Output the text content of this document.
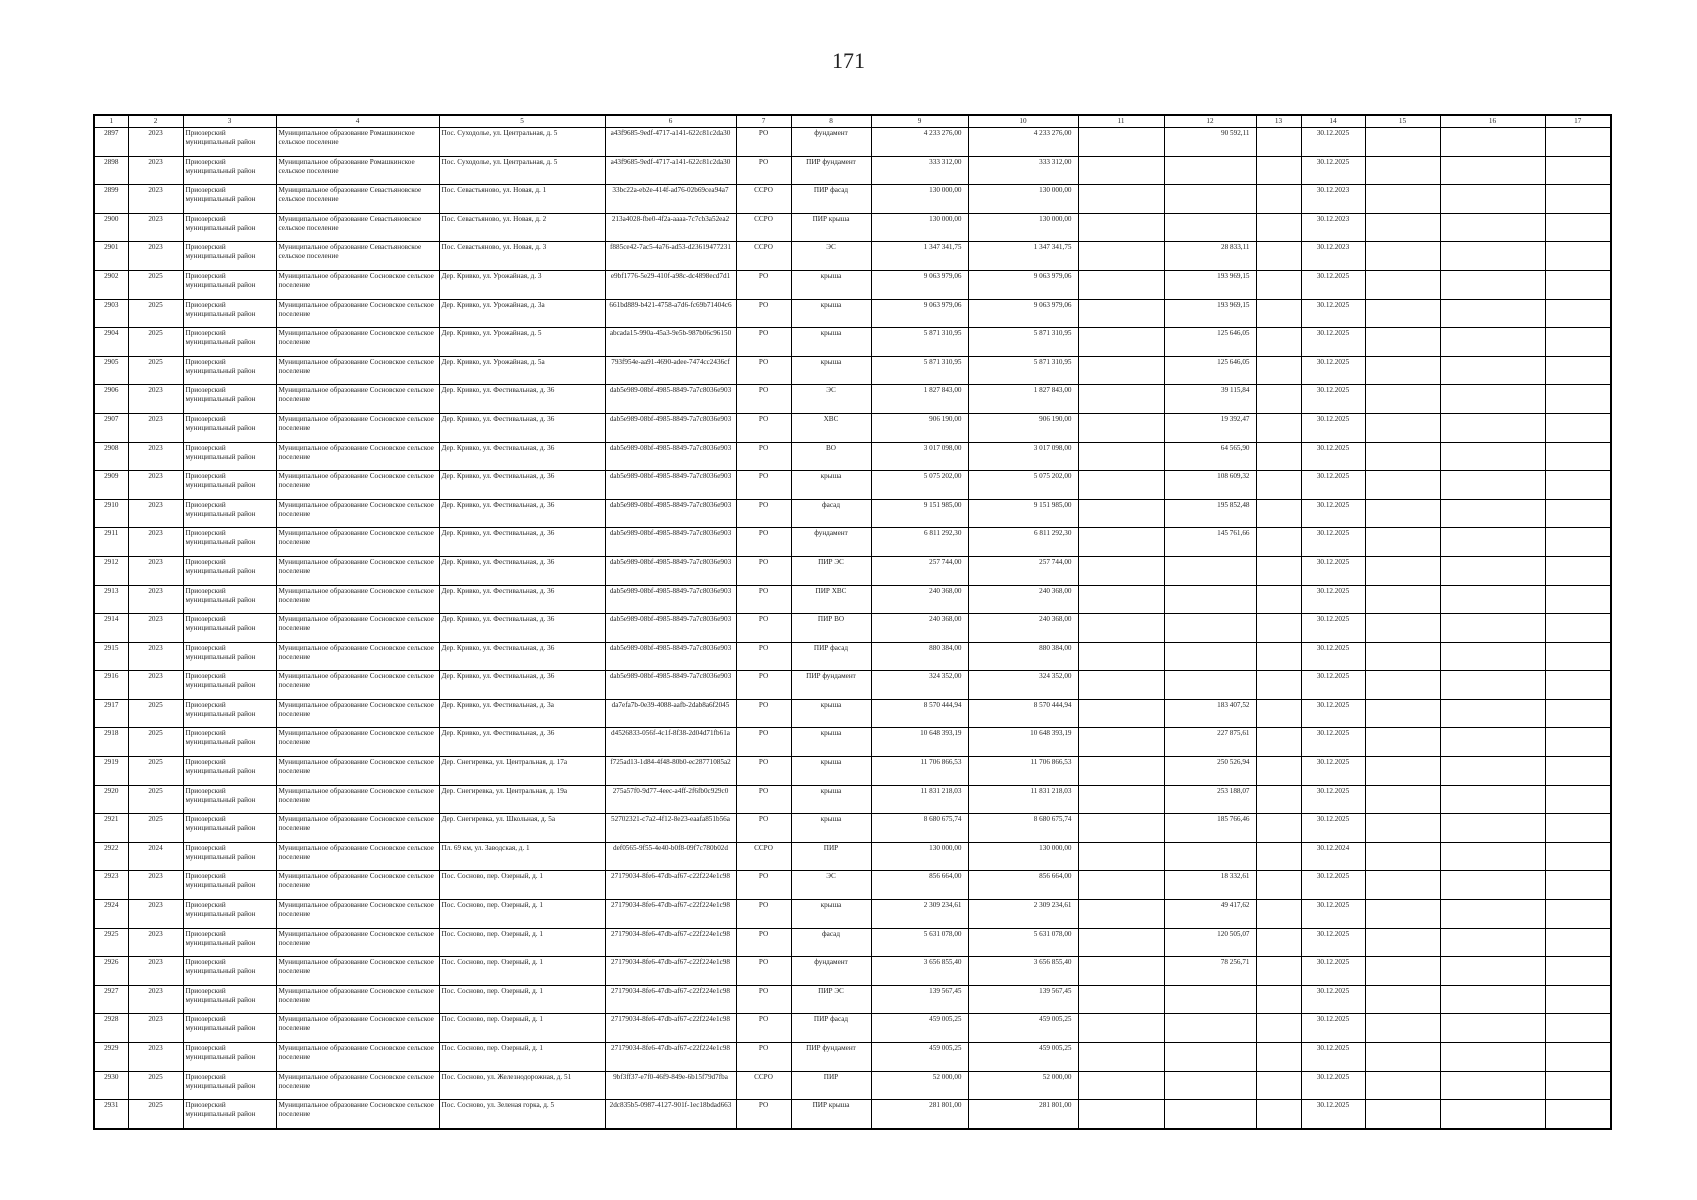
171
1	2	3	4	5	6	7	8	9	10	11	12	13	14	15	16	17
2897	2023	Приозерский муниципальный район	Муниципальное образование Ромашкинское сельское поселение	Пос. Суходолье, ул. Центральная, д. 5	a43f9685-9edf-4717-a141-622c81c2da30	РО	фундамент	4 233 276,00	4 233 276,00		90 592,11		30.12.2025			
2898	2023	Приозерский муниципальный район	Муниципальное образование Ромашкинское сельское поселение	Пос. Суходолье, ул. Центральная, д. 5	a43f9685-9edf-4717-a141-622c81c2da30	РО	ПИР фундамент	333 312,00	333 312,00				30.12.2025			
2899	2023	Приозерский муниципальный район	Муниципальное образование Севастьяновское сельское поселение	Пос. Севастьяново, ул. Новая, д. 1	33bc22a-eb2e-414f-ad76-02b69cea94a7	ССРО	ПИР фасад	130 000,00	130 000,00				30.12.2023			
2900	2023	Приозерский муниципальный район	Муниципальное образование Севастьяновское сельское поселение	Пос. Севастьяново, ул. Новая, д. 2	213a4028-fbe0-4f2a-aaaa-7c7cb3a52ea2	ССРО	ПИР крыша	130 000,00	130 000,00				30.12.2023			
2901	2023	Приозерский муниципальный район	Муниципальное образование Севастьяновское сельское поселение	Пос. Севастьяново, ул. Новая, д. 3	f885ce42-7ac5-4a76-ad53-d23619477231	ССРО	ЭС	1 347 341,75	1 347 341,75		28 833,11		30.12.2023			
2902	2025	Приозерский муниципальный район	Муниципальное образование Сосновское сельское поселение	Дер. Кривко, ул. Урожайная, д. 3	e9bf1776-5e29-410f-a98c-dc4898ecd7d1	РО	крыша	9 063 979,06	9 063 979,06		193 969,15		30.12.2025			
2903	2025	Приозерский муниципальный район	Муниципальное образование Сосновское сельское поселение	Дер. Кривко, ул. Урожайная, д. 3а	661bd889-b421-4758-a7d6-fc69b71404c6	РО	крыша	9 063 979,06	9 063 979,06		193 969,15		30.12.2025			
2904	2025	Приозерский муниципальный район	Муниципальное образование Сосновское сельское поселение	Дер. Кривко, ул. Урожайная, д. 5	abcada15-990a-45a3-9e5b-987b06c96150	РО	крыша	5 871 310,95	5 871 310,95		125 646,05		30.12.2025			
2905	2025	Приозерский муниципальный район	Муниципальное образование Сосновское сельское поселение	Дер. Кривко, ул. Урожайная, д. 5а	793f954e-aa91-4690-adee-7474cc2436cf	РО	крыша	5 871 310,95	5 871 310,95		125 646,05		30.12.2025			
2906	2023	Приозерский муниципальный район	Муниципальное образование Сосновское сельское поселение	Дер. Кривко, ул. Фестивальная, д. 36	dab5e989-08bf-4985-8849-7a7c8036e903	РО	ЭС	1 827 843,00	1 827 843,00		39 115,84		30.12.2025			
2907	2023	Приозерский муниципальный район	Муниципальное образование Сосновское сельское поселение	Дер. Кривко, ул. Фестивальная, д. 36	dab5e989-08bf-4985-8849-7a7c8036e903	РО	ХВС	906 190,00	906 190,00		19 392,47		30.12.2025			
2908	2023	Приозерский муниципальный район	Муниципальное образование Сосновское сельское поселение	Дер. Кривко, ул. Фестивальная, д. 36	dab5e989-08bf-4985-8849-7a7c8036e903	РО	ВО	3 017 098,00	3 017 098,00		64 565,90		30.12.2025			
2909	2023	Приозерский муниципальный район	Муниципальное образование Сосновское сельское поселение	Дер. Кривко, ул. Фестивальная, д. 36	dab5e989-08bf-4985-8849-7a7c8036e903	РО	крыша	5 075 202,00	5 075 202,00		108 609,32		30.12.2025			
2910	2023	Приозерский муниципальный район	Муниципальное образование Сосновское сельское поселение	Дер. Кривко, ул. Фестивальная, д. 36	dab5e989-08bf-4985-8849-7a7c8036e903	РО	фасад	9 151 985,00	9 151 985,00		195 852,48		30.12.2025			
2911	2023	Приозерский муниципальный район	Муниципальное образование Сосновское сельское поселение	Дер. Кривко, ул. Фестивальная, д. 36	dab5e989-08bf-4985-8849-7a7c8036e903	РО	фундамент	6 811 292,30	6 811 292,30		145 761,66		30.12.2025			
2912	2023	Приозерский муниципальный район	Муниципальное образование Сосновское сельское поселение	Дер. Кривко, ул. Фестивальная, д. 36	dab5e989-08bf-4985-8849-7a7c8036e903	РО	ПИР ЭС	257 744,00	257 744,00				30.12.2025			
2913	2023	Приозерский муниципальный район	Муниципальное образование Сосновское сельское поселение	Дер. Кривко, ул. Фестивальная, д. 36	dab5e989-08bf-4985-8849-7a7c8036e903	РО	ПИР ХВС	240 368,00	240 368,00				30.12.2025			
2914	2023	Приозерский муниципальный район	Муниципальное образование Сосновское сельское поселение	Дер. Кривко, ул. Фестивальная, д. 36	dab5e989-08bf-4985-8849-7a7c8036e903	РО	ПИР ВО	240 368,00	240 368,00				30.12.2025			
2915	2023	Приозерский муниципальный район	Муниципальное образование Сосновское сельское поселение	Дер. Кривко, ул. Фестивальная, д. 36	dab5e989-08bf-4985-8849-7a7c8036e903	РО	ПИР фасад	880 384,00	880 384,00				30.12.2025			
2916	2023	Приозерский муниципальный район	Муниципальное образование Сосновское сельское поселение	Дер. Кривко, ул. Фестивальная, д. 36	dab5e989-08bf-4985-8849-7a7c8036e903	РО	ПИР фундамент	324 352,00	324 352,00				30.12.2025			
2917	2025	Приозерский муниципальный район	Муниципальное образование Сосновское сельское поселение	Дер. Кривко, ул. Фестивальная, д. 3а	da7efa7b-0e39-4088-aafb-2dab8a6f2045	РО	крыша	8 570 444,94	8 570 444,94		183 407,52		30.12.2025			
2918	2025	Приозерский муниципальный район	Муниципальное образование Сосновское сельское поселение	Дер. Кривко, ул. Фестивальная, д. 36	d4526833-056f-4c1f-8f38-2d04d71fb61a	РО	крыша	10 648 393,19	10 648 393,19		227 875,61		30.12.2025			
2919	2025	Приозерский муниципальный район	Муниципальное образование Сосновское сельское поселение	Дер. Снегиревка, ул. Центральная, д. 17а	f725ad13-1d84-4f48-80b0-ec28771085a2	РО	крыша	11 706 866,53	11 706 866,53		250 526,94		30.12.2025			
2920	2025	Приозерский муниципальный район	Муниципальное образование Сосновское сельское поселение	Дер. Снегиревка, ул. Центральная, д. 19а	275a57f0-9d77-4eec-a4ff-2f6fb0c929c0	РО	крыша	11 831 218,03	11 831 218,03		253 188,07		30.12.2025			
2921	2025	Приозерский муниципальный район	Муниципальное образование Сосновское сельское поселение	Дер. Снегиревка, ул. Школьная, д. 5а	52702321-c7a2-4f12-8e23-eaafa851b56a	РО	крыша	8 680 675,74	8 680 675,74		185 766,46		30.12.2025			
2922	2024	Приозерский муниципальный район	Муниципальное образование Сосновское сельское поселение	Пл. 69 км, ул. Заводская, д. 1	def0565-9f55-4e40-b0f8-09f7c780b02d	ССРО	ПИР	130 000,00	130 000,00				30.12.2024			
2923	2023	Приозерский муниципальный район	Муниципальное образование Сосновское сельское поселение	Пос. Сосново, пер. Озерный, д. 1	27179034-8fe6-47db-af67-c22f224e1c98	РО	ЭС	856 664,00	856 664,00		18 332,61		30.12.2025			
2924	2023	Приозерский муниципальный район	Муниципальное образование Сосновское сельское поселение	Пос. Сосново, пер. Озерный, д. 1	27179034-8fe6-47db-af67-c22f224e1c98	РО	крыша	2 309 234,61	2 309 234,61		49 417,62		30.12.2025			
2925	2023	Приозерский муниципальный район	Муниципальное образование Сосновское сельское поселение	Пос. Сосново, пер. Озерный, д. 1	27179034-8fe6-47db-af67-c22f224e1c98	РО	фасад	5 631 078,00	5 631 078,00		120 505,07		30.12.2025			
2926	2023	Приозерский муниципальный район	Муниципальное образование Сосновское сельское поселение	Пос. Сосново, пер. Озерный, д. 1	27179034-8fe6-47db-af67-c22f224e1c98	РО	фундамент	3 656 855,40	3 656 855,40		78 256,71		30.12.2025			
2927	2023	Приозерский муниципальный район	Муниципальное образование Сосновское сельское поселение	Пос. Сосново, пер. Озерный, д. 1	27179034-8fe6-47db-af67-c22f224e1c98	РО	ПИР ЭС	139 567,45	139 567,45				30.12.2025			
2928	2023	Приозерский муниципальный район	Муниципальное образование Сосновское сельское поселение	Пос. Сосново, пер. Озерный, д. 1	27179034-8fe6-47db-af67-c22f224e1c98	РО	ПИР фасад	459 005,25	459 005,25				30.12.2025			
2929	2023	Приозерский муниципальный район	Муниципальное образование Сосновское сельское поселение	Пос. Сосново, пер. Озерный, д. 1	27179034-8fe6-47db-af67-c22f224e1c98	РО	ПИР фундамент	459 005,25	459 005,25				30.12.2025			
2930	2025	Приозерский муниципальный район	Муниципальное образование Сосновское сельское поселение	Пос. Сосново, ул. Железнодорожная, д. 51	9bf3ff37-e7f0-46f9-849e-6b15f79d7fba	ССРО	ПИР	52 000,00	52 000,00				30.12.2025			
2931	2025	Приозерский муниципальный район	Муниципальное образование Сосновское сельское поселение	Пос. Сосново, ул. Зеленая горка, д. 5	2dc835b5-0987-4127-901f-1ec18bdad663	РО	ПИР крыша	281 801,00	281 801,00				30.12.2025			
